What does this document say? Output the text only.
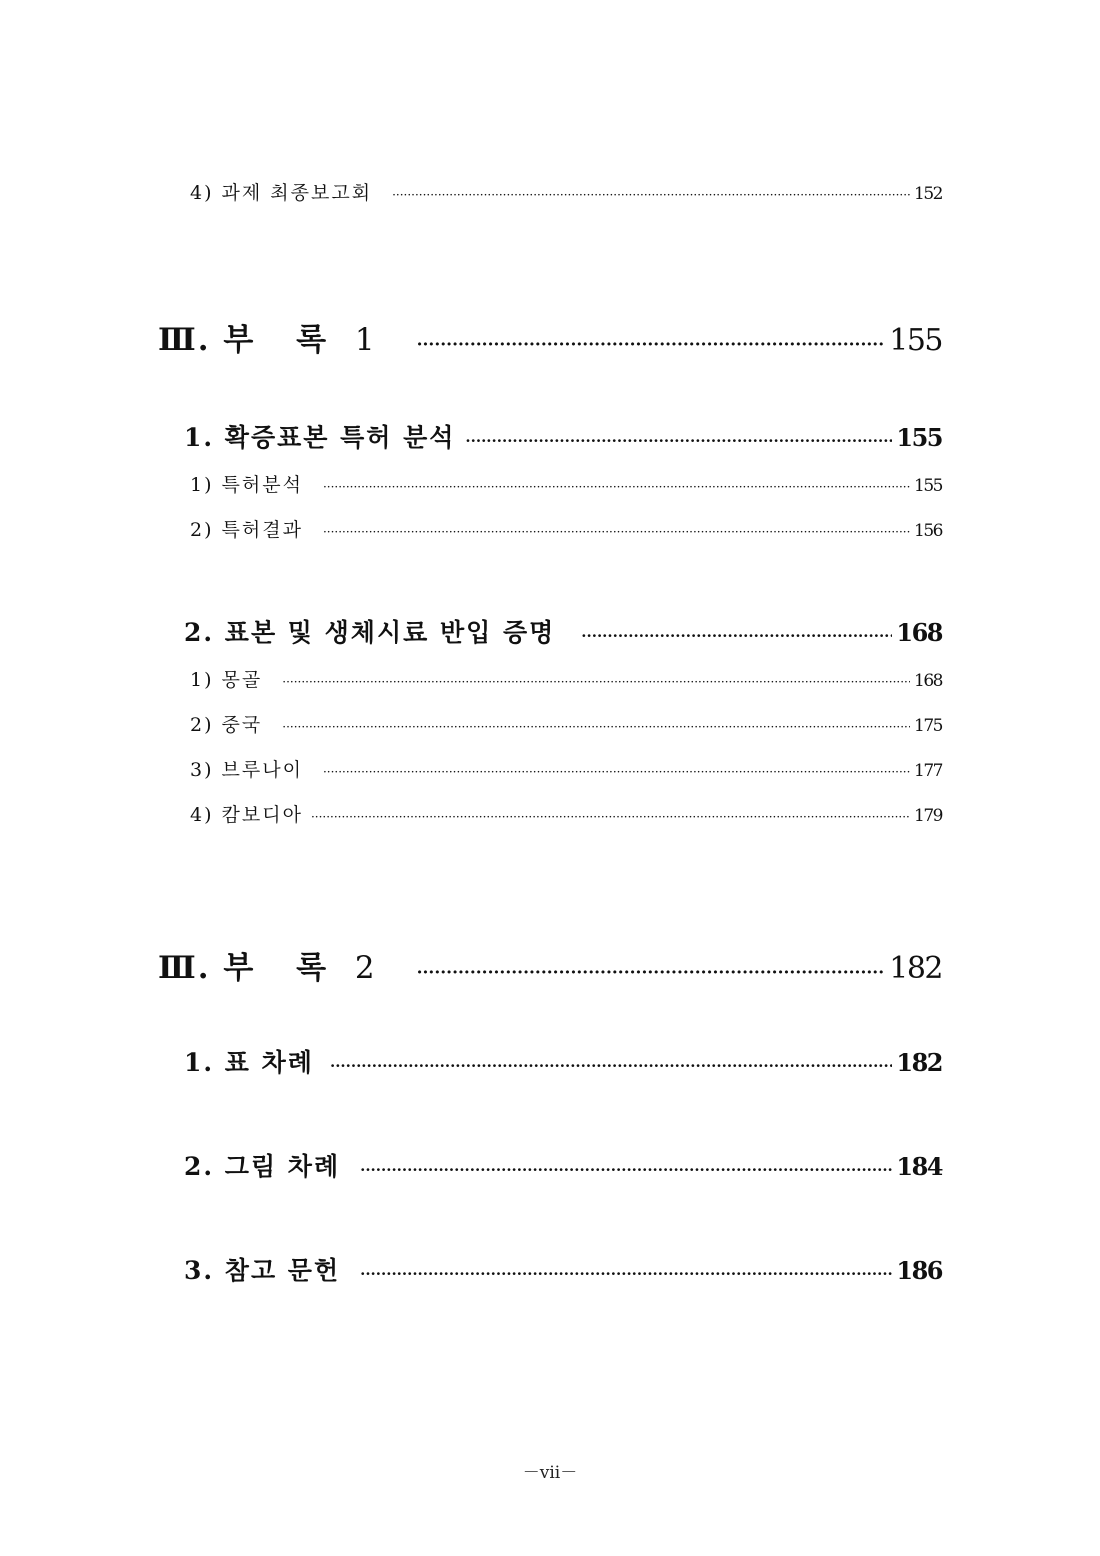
4) 과제 최종보고회 ·····	152
Ⅲ. 부 록 1 ·····	155
1. 확증표본 특허 분석 ·····	155
1) 특허분석 ·····	155
2) 특허결과 ·····	156
2. 표본 및 생체시료 반입 증명 ·····	168
1) 몽골 ·····	168
2) 중국 ·····	175
3) 브루나이 ·····	177
4) 캄보디아 ·····	179
Ⅲ. 부 록 2 ·····	182
1. 표 차례 ·····	182
2. 그림 차례 ·····	184
3. 참고 문헌 ·····	186
－vii－
